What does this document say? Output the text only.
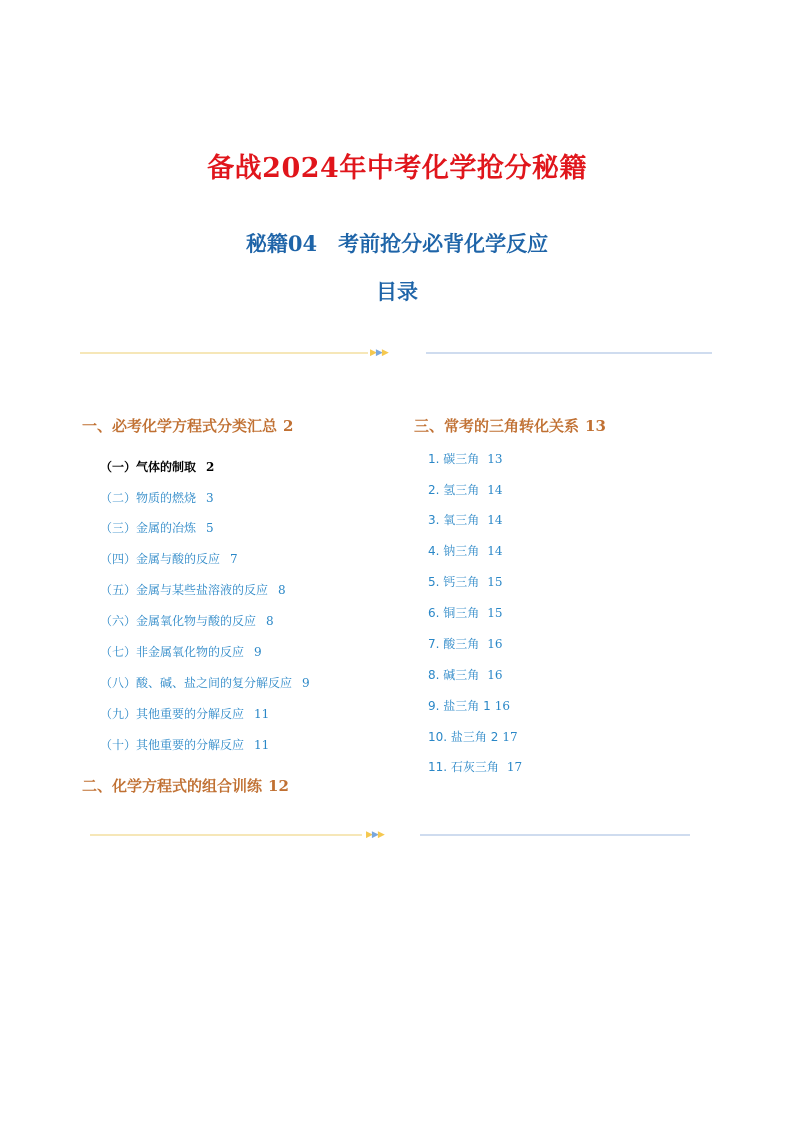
备战2024年中考化学抢分秘籍
秘籍04　考前抢分必背化学反应
目录
▶▶▶
一、必考化学方程式分类汇总 2
（一）气体的制取 2
（二）物质的燃烧 3
（三）金属的冶炼 5
（四）金属与酸的反应 7
（五）金属与某些盐溶液的反应 8
（六）金属氧化物与酸的反应 8
（七）非金属氧化物的反应 9
（八）酸、碱、盐之间的复分解反应 9
（九）其他重要的分解反应 11
（十）其他重要的分解反应 11
二、化学方程式的组合训练 12
三、常考的三角转化关系 13
1. 碳三角 13
2. 氢三角 14
3. 氧三角 14
4. 钠三角 14
5. 钙三角 15
6. 铜三角 15
7. 酸三角 16
8. 碱三角 16
9. 盐三角 1 16
10. 盐三角 2 17
11. 石灰三角 17
▶▶▶
